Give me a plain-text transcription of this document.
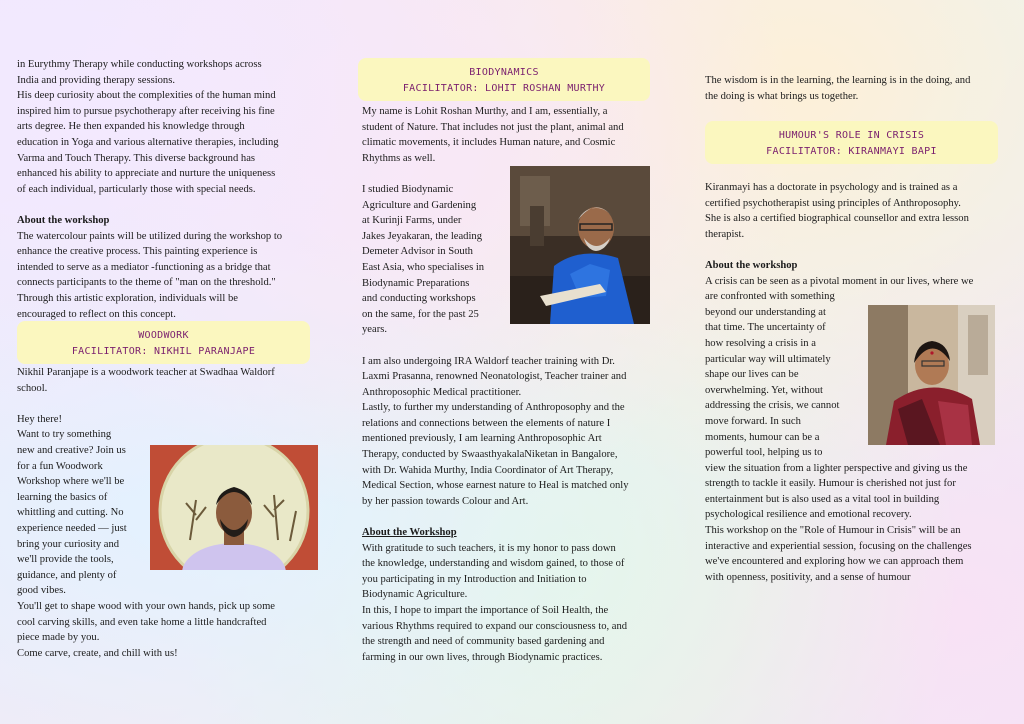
in Eurythmy Therapy while conducting workshops across

India and providing therapy sessions.

His deep curiosity about the complexities of the human mind

inspired him to pursue psychotherapy after receiving his fine

arts degree. He then expanded his knowledge through

education in Yoga and various alternative therapies, including

Varma and Touch Therapy. This diverse background has

enhanced his ability to appreciate and nurture the uniqueness

of each individual, particularly those with special needs.

About the workshop

The watercolour paints will be utilized during the workshop to

enhance the creative process. This painting experience is

intended to serve as a mediator -functioning as a bridge that

connects participants to the theme of "man on the threshold."

Through this artistic exploration, individuals will be

encouraged to reflect on this concept.

WOODWORK
FACILITATOR: NIKHIL PARANJAPE

Nikhil Paranjape is a woodwork teacher at Swadhaa Waldorf

school.

Hey there!

Want to try something

new and creative? Join us

for a fun Woodwork

Workshop where we'll be

learning the basics of

whittling and cutting. No

experience needed — just

bring your curiosity and

we'll provide the tools,

guidance, and plenty of

good vibes.

You'll get to shape wood with your own hands, pick up some

cool carving skills, and even take home a little handcrafted

piece made by you.

Come carve, create, and chill with us!

BIODYNAMICS
FACILITATOR: LOHIT ROSHAN MURTHY

My name is Lohit Roshan Murthy, and I am, essentially, a

student of Nature. That includes not just the plant, animal and

climatic movements, it includes Human nature, and Cosmic

Rhythms as well.

I studied Biodynamic

Agriculture and Gardening

at Kurinji Farms, under

Jakes Jeyakaran, the leading

Demeter Advisor in South

East Asia, who specialises in

Biodynamic Preparations

and conducting workshops

on the same, for the past 25

years.

I am also undergoing IRA Waldorf teacher training with Dr.

Laxmi Prasanna, renowned Neonatologist, Teacher trainer and

Anthroposophic Medical practitioner.

Lastly, to further my understanding of Anthroposophy and the

relations and connections between the elements of nature I

mentioned previously, I am learning Anthroposophic Art

Therapy, conducted by SwaasthyakalaNiketan in Bangalore,

with Dr. Wahida Murthy, India Coordinator of Art Therapy,

Medical Section, whose earnest nature to Heal is matched only

by her passion towards Colour and Art.

About the Workshop

With gratitude to such teachers, it is my honor to pass down

the knowledge, understanding and wisdom gained, to those of

you participating in my Introduction and Initiation to

Biodynamic Agriculture.

In this, I hope to impart the importance of Soil Health, the

various Rhythms required to expand our consciousness to, and

the strength and need of community based gardening and

farming in our own lives, through Biodynamic practices.

The wisdom is in the learning, the learning is in the doing, and

the doing is what brings us together.

HUMOUR'S ROLE IN CRISIS
FACILITATOR: KIRANMAYI BAPI

Kiranmayi has a doctorate in psychology and is trained as a

certified psychotherapist using principles of Anthroposophy.

She is also a certified biographical counsellor and extra lesson

therapist.

About the workshop

A crisis can be seen as a pivotal moment in our lives, where we

are confronted with something

beyond our understanding at

that time. The uncertainty of

how resolving a crisis in a

particular way will ultimately

shape our lives can be

overwhelming. Yet, without

addressing the crisis, we cannot

move forward. In such

moments, humour can be a

powerful tool, helping us to

view the situation from a lighter perspective and giving us the

strength to tackle it easily. Humour is cherished not just for

entertainment but is also used as a vital tool in building

psychological resilience and emotional recovery.

This workshop on the "Role of Humour in Crisis" will be an

interactive and experiential session, focusing on the challenges

we've encountered and exploring how we can approach them

with openness, positivity, and a sense of humour
